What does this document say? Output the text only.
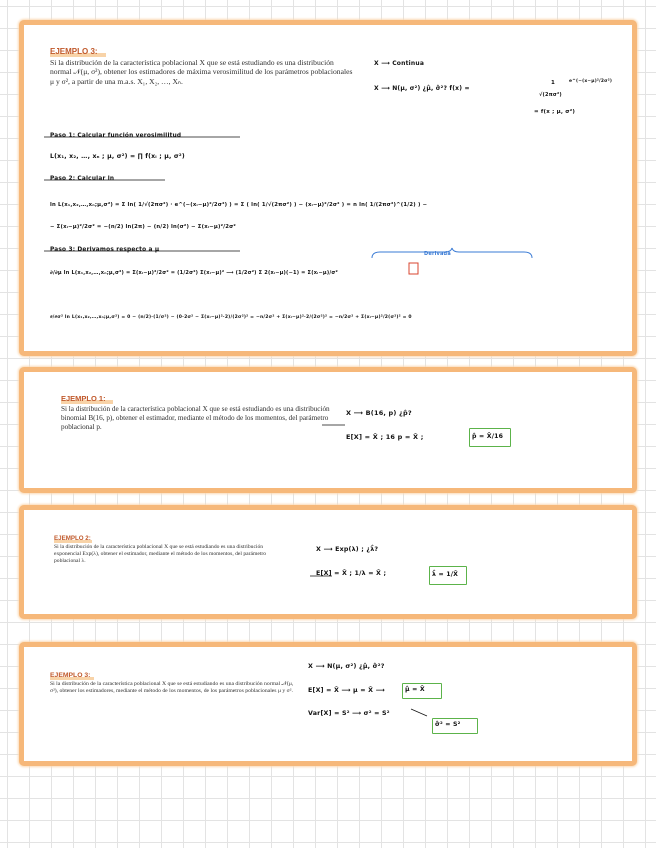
EJEMPLO 3:
Si la distribución de la característica poblacional X que se está estudiando es una distribución normal 𝒩(μ, σ²), obtener los estimadores de máxima verosimilitud de los parámetros poblacionales μ y σ², a partir de una m.a.s. X₁, X₂, …, Xₙ.
X ⟶ Continua
X ⟶ N(μ, σ²) ¿μ̂, σ̂²? f(x) =
1
√(2πσ²)
e^(−(x−μ)²/2σ²)
= f(x ; μ, σ²)
Paso 1: Calcular función verosimilitud
L(x₁, x₂, …, xₙ ; μ, σ²) = ∏ f(xᵢ ; μ, σ²)
Paso 2: Calcular ln
ln L(x₁,x₂,…,xₙ;μ,σ²) = Σ ln( 1/√(2πσ²) · e^(−(xᵢ−μ)²/2σ²) ) = Σ ( ln( 1/√(2πσ²) ) − (xᵢ−μ)²/2σ² ) = n ln( 1/(2πσ²)^(1/2) ) −
− Σ(xᵢ−μ)²/2σ² = −(n/2) ln(2π) − (n/2) ln(σ²) − Σ(xᵢ−μ)²/2σ²
Paso 3: Derivamos respecto a μ
Derivada
∂/∂μ ln L(x₁,x₂,…,xₙ;μ,σ²) = Σ(xᵢ−μ)²/2σ² = (1/2σ²) Σ(xᵢ−μ)² ⟶ (1/2σ²) Σ 2(xᵢ−μ)(−1) = Σ(xᵢ−μ)/σ²
∂/∂σ² ln L(x₁,x₂,…,xₙ;μ,σ²) = 0 − (n/2)·(1/σ²) − (0·2σ² − Σ(xᵢ−μ)²·2)/(2σ²)² = −n/2σ² + Σ(xᵢ−μ)²·2/(2σ²)² = −n/2σ² + Σ(xᵢ−μ)²/2(σ²)² = 0
EJEMPLO 1:
Si la distribución de la característica poblacional X que se está estudiando es una distribución binomial B(16, p), obtener el estimador, mediante el método de los momentos, del parámetro poblacional p.
X ⟶ B(16, p) ¿p̂?
E[X] = X̄ ; 16 p = X̄ ;	p̂ = X̄/16
EJEMPLO 2:
Si la distribución de la característica poblacional X que se está estudiando es una distribución exponencial Exp(λ), obtener el estimador, mediante el método de los momentos, del parámetro poblacional λ.
X ⟶ Exp(λ) ; ¿λ̂?
E[X] = X̄ ; 1/λ = X̄ ;	λ̂ = 1/X̄
EJEMPLO 3:
Si la distribución de la característica poblacional X que se está estudiando es una distribución normal 𝒩(μ, σ²), obtener los estimadores, mediante el método de los momentos, de los parámetros poblacionales μ y σ².
X ⟶ N(μ, σ²) ¿μ̂, σ̂²?
E[X] = X̄ ⟶ μ = X̄ ⟶	μ̂ = X̄
Var[X] = S² ⟶ σ² = S²
σ̂² = S²
